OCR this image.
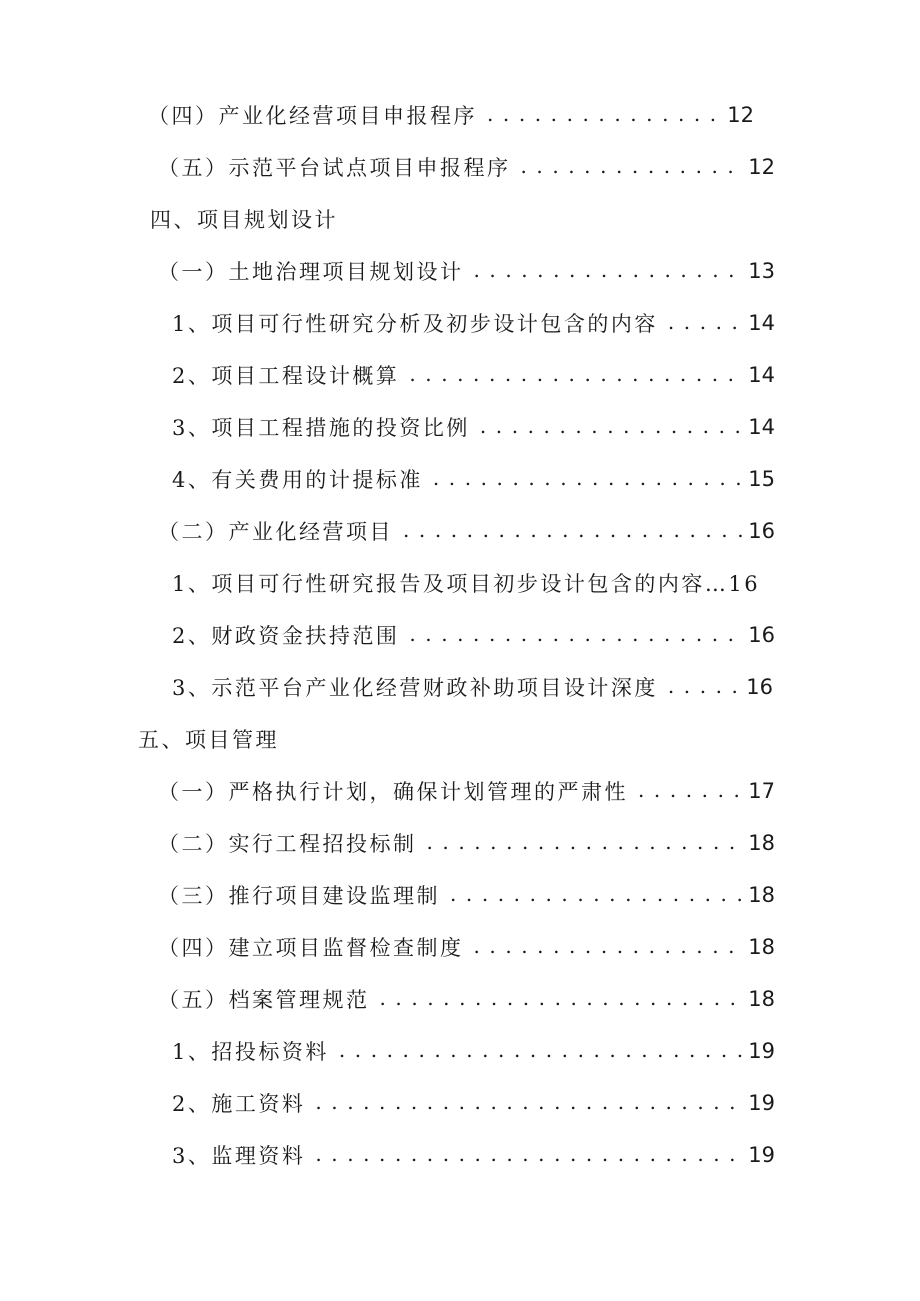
（四）产业化经营项目申报程序 . . .	12
（五）示范平台试点项目申报程序 . . .	12
四、项目规划设计
（一）土地治理项目规划设计 . . .	13
1、项目可行性研究分析及初步设计包含的内容 . . .	14
2、项目工程设计概算 . . .	14
3、项目工程措施的投资比例 . . .	14
4、有关费用的计提标准 . . .	15
（二）产业化经营项目 . . .	16
1、项目可行性研究报告及项目初步设计包含的内容…16
2、财政资金扶持范围 . . .	16
3、示范平台产业化经营财政补助项目设计深度 . . .	16
五、项目管理
（一）严格执行计划，确保计划管理的严肃性 . . .	17
（二）实行工程招投标制 . . .	18
（三）推行项目建设监理制 . . .	18
（四）建立项目监督检查制度 . . .	18
（五）档案管理规范 . . .	18
1、招投标资料 . . .	19
2、施工资料 . . .	19
3、监理资料 . . .	19
